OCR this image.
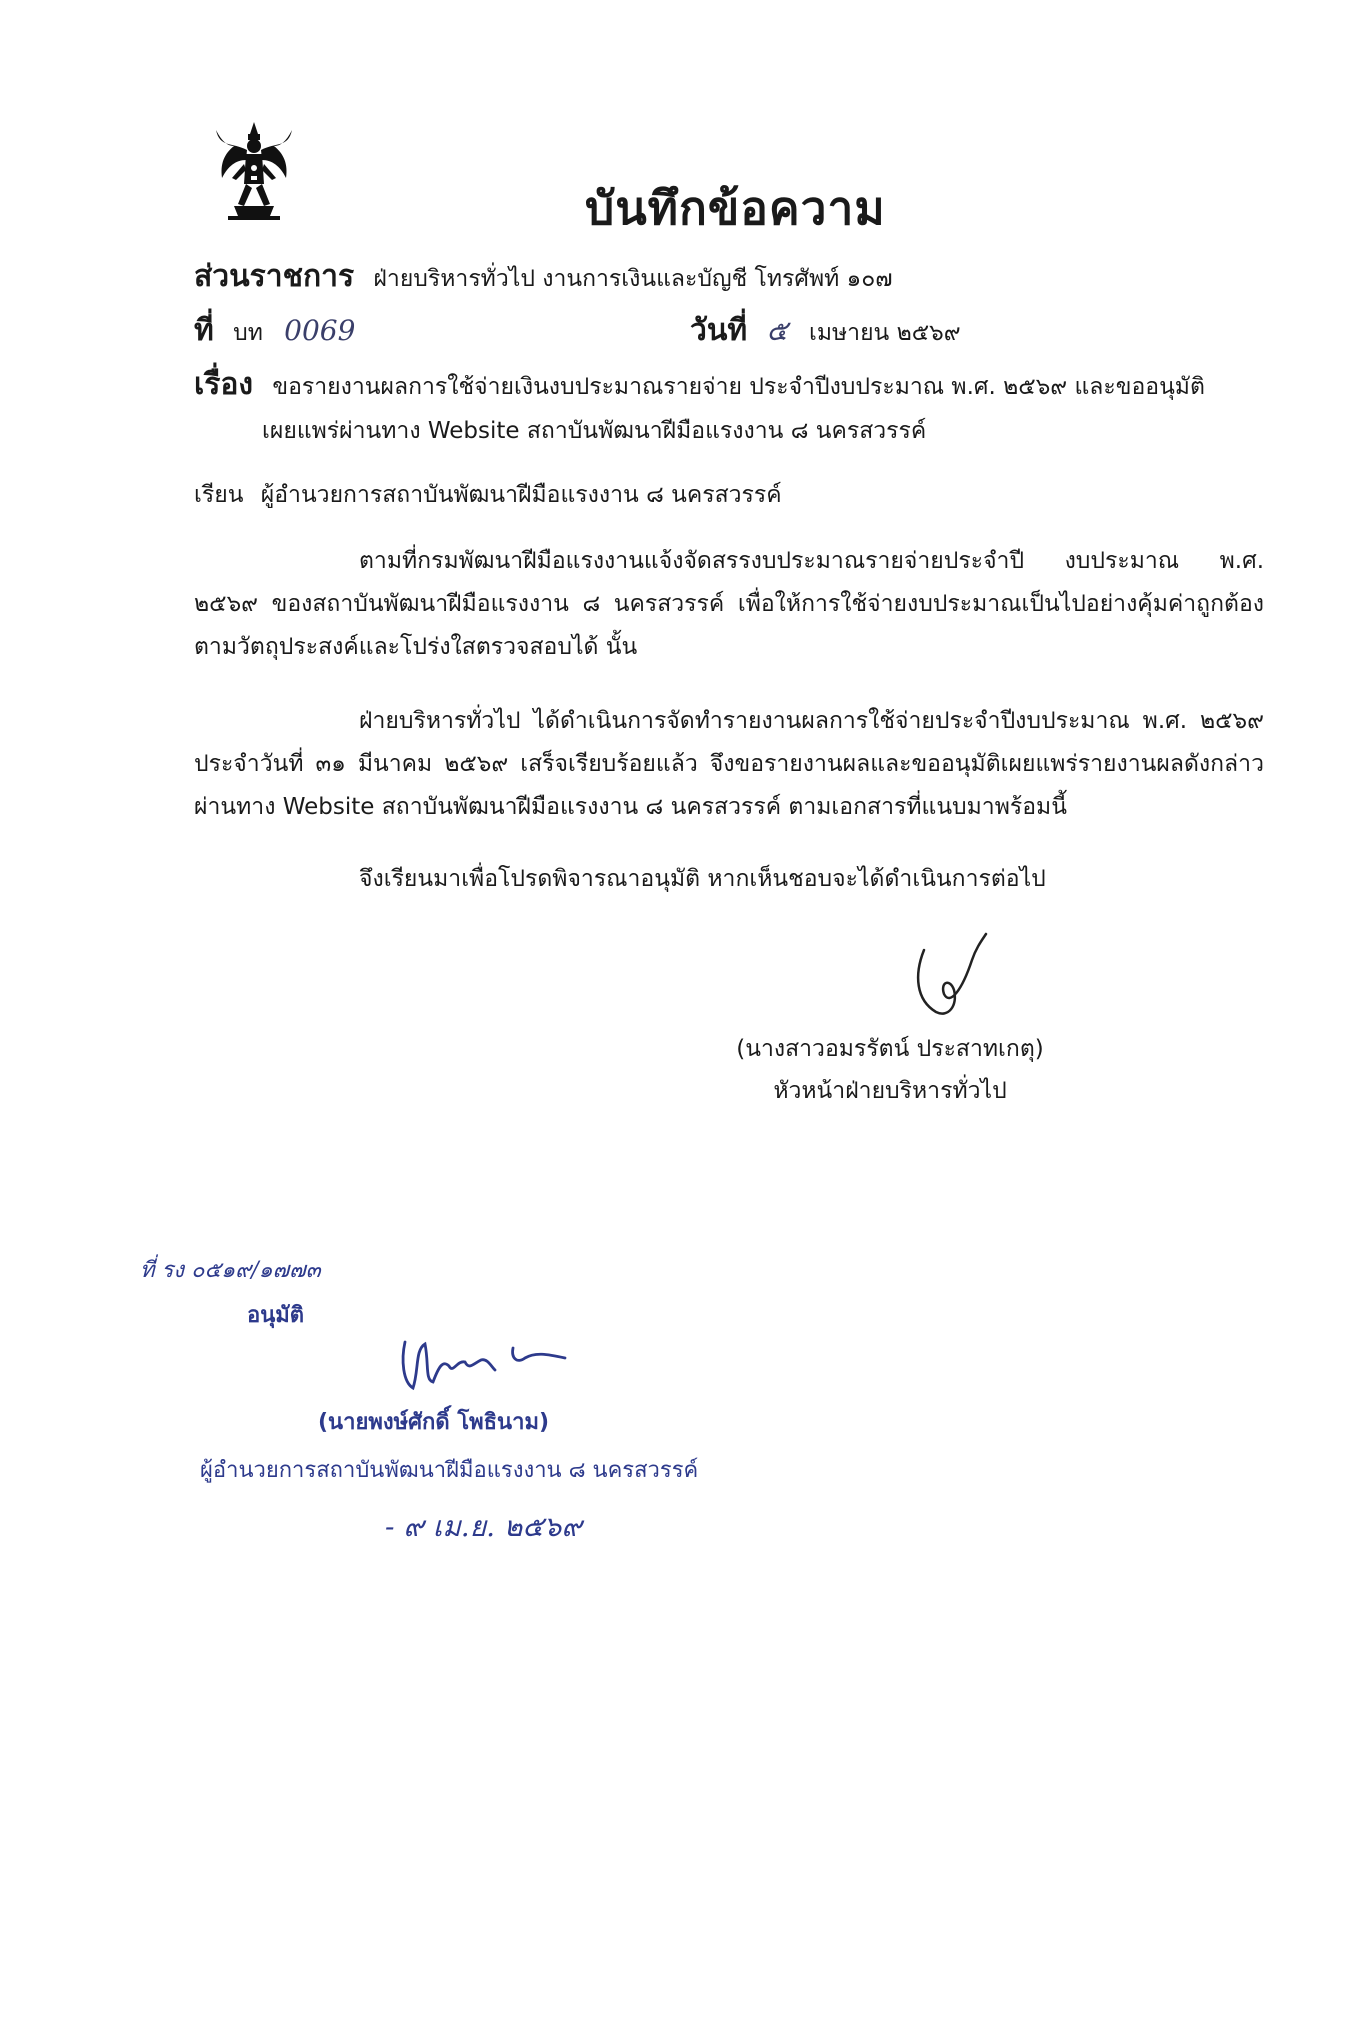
บันทึกข้อความ
ส่วนราชการ ฝ่ายบริหารทั่วไป งานการเงินและบัญชี โทรศัพท์ ๑๐๗
ที่ บท 0069	วันที่ ๕ เมษายน ๒๕๖๙
เรื่อง ขอรายงานผลการใช้จ่ายเงินงบประมาณรายจ่าย ประจำปีงบประมาณ พ.ศ. ๒๕๖๙ และขออนุมัติ
เผยแพร่ผ่านทาง Website สถาบันพัฒนาฝีมือแรงงาน ๘ นครสวรรค์
เรียน ผู้อำนวยการสถาบันพัฒนาฝีมือแรงงาน ๘ นครสวรรค์
ตามที่กรมพัฒนาฝีมือแรงงานแจ้งจัดสรรงบประมาณรายจ่ายประจำปี งบประมาณ พ.ศ. ๒๕๖๙ ของสถาบันพัฒนาฝีมือแรงงาน ๘ นครสวรรค์ เพื่อให้การใช้จ่ายงบประมาณเป็นไปอย่างคุ้มค่าถูกต้องตามวัตถุประสงค์และโปร่งใสตรวจสอบได้ นั้น
ฝ่ายบริหารทั่วไป ได้ดำเนินการจัดทำรายงานผลการใช้จ่ายประจำปีงบประมาณ พ.ศ. ๒๕๖๙ ประจำวันที่ ๓๑ มีนาคม ๒๕๖๙ เสร็จเรียบร้อยแล้ว จึงขอรายงานผลและขออนุมัติเผยแพร่รายงานผลดังกล่าว ผ่านทาง Website สถาบันพัฒนาฝีมือแรงงาน ๘ นครสวรรค์ ตามเอกสารที่แนบมาพร้อมนี้
จึงเรียนมาเพื่อโปรดพิจารณาอนุมัติ หากเห็นชอบจะได้ดำเนินการต่อไป
(นางสาวอมรรัตน์ ประสาทเกตุ)
หัวหน้าฝ่ายบริหารทั่วไป
ที่ รง ๐๕๑๙/๑๗๗๓
อนุมัติ
(นายพงษ์ศักดิ์ โพธินาม)
ผู้อำนวยการสถาบันพัฒนาฝีมือแรงงาน ๘ นครสวรรค์
- ๙ เม.ย. ๒๕๖๙
